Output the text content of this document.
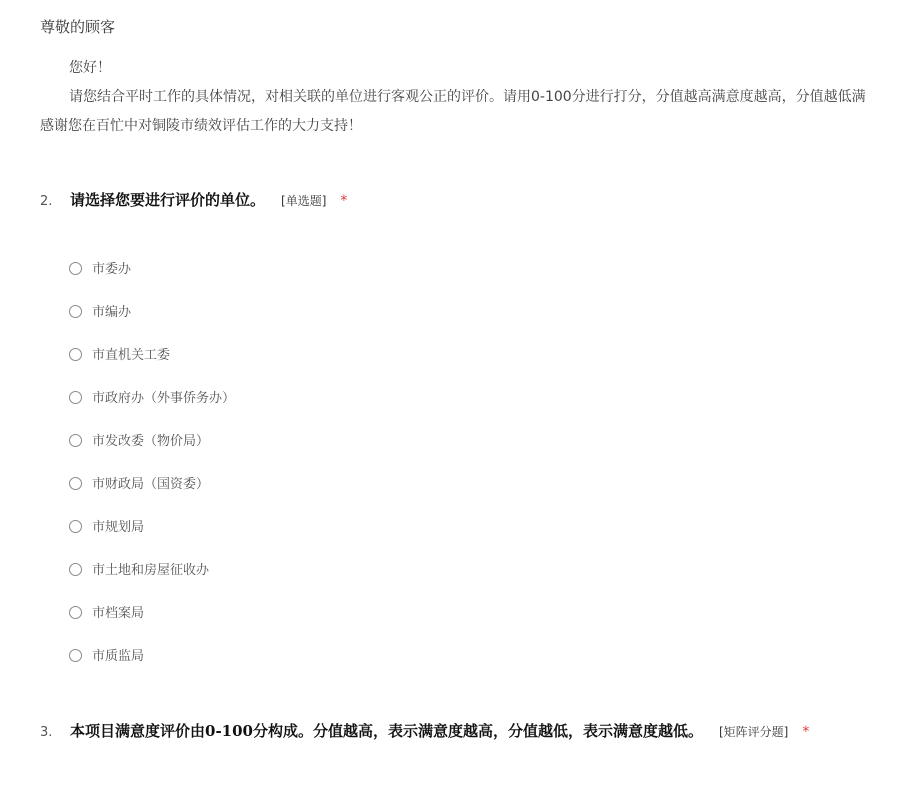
尊敬的顾客
您好！
请您结合平时工作的具体情况，对相关联的单位进行客观公正的评价。请用0-100分进行打分，分值越高满意度越高，分值越低满
感谢您在百忙中对铜陵市绩效评估工作的大力支持！
2. 请选择您要进行评价的单位。 [单选题] *
市委办
市编办
市直机关工委
市政府办（外事侨务办）
市发改委（物价局）
市财政局（国资委）
市规划局
市土地和房屋征收办
市档案局
市质监局
3. 本项目满意度评价由0-100分构成。分值越高，表示满意度越高，分值越低，表示满意度越低。 [矩阵评分题] *
